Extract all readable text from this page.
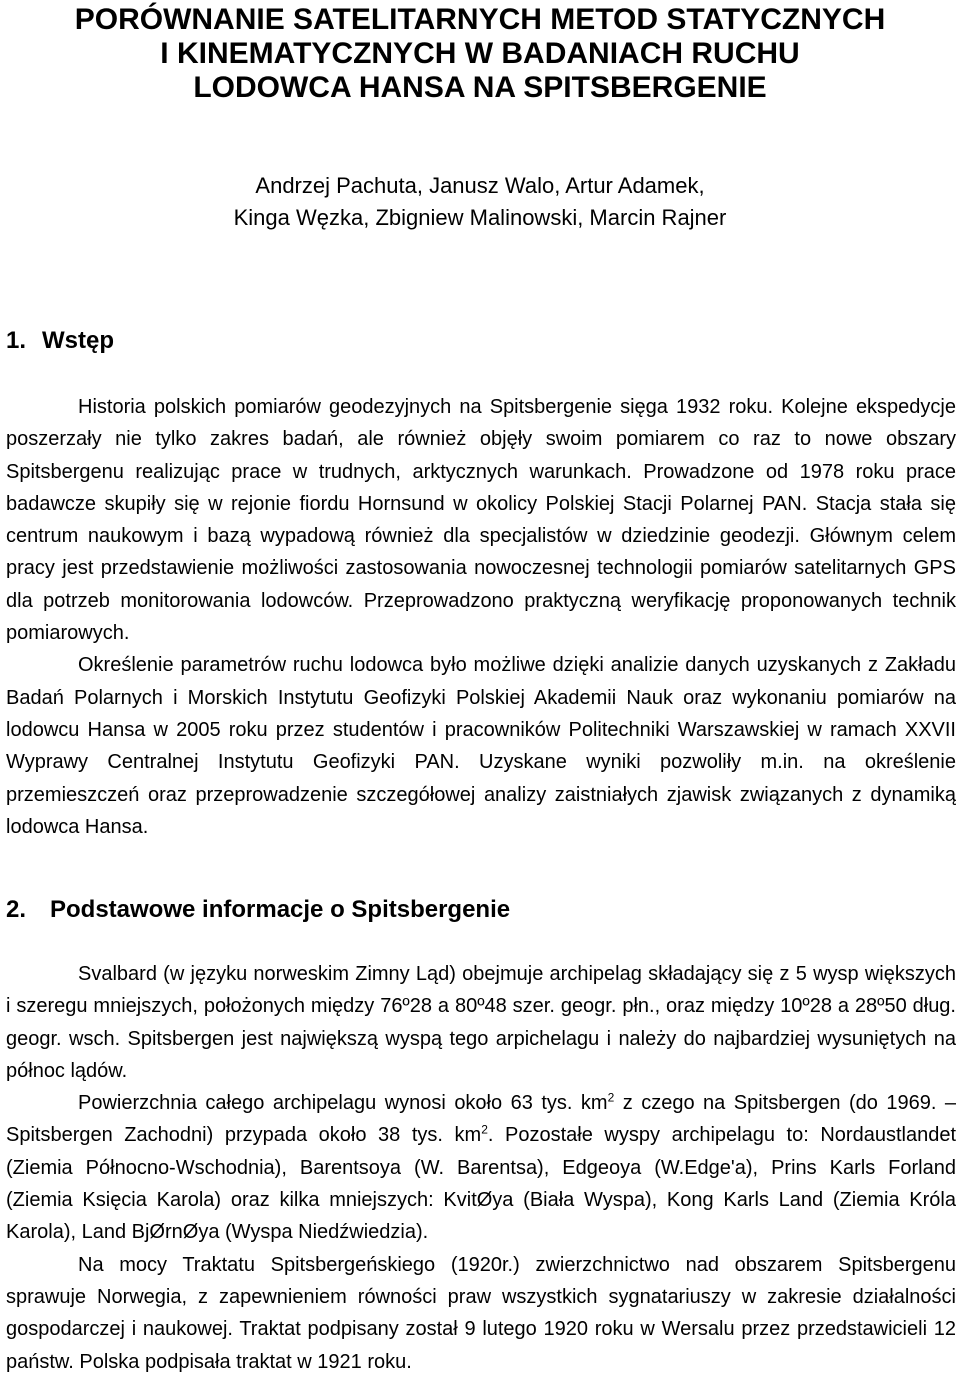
PORÓWNANIE SATELITARNYCH METOD STATYCZNYCH
I KINEMATYCZNYCH W BADANIACH RUCHU
LODOWCA HANSA NA SPITSBERGENIE
Andrzej Pachuta, Janusz Walo, Artur Adamek,
Kinga Węzka, Zbigniew Malinowski, Marcin Rajner
1. Wstęp

Historia polskich pomiarów geodezyjnych na Spitsbergenie sięga 1932 roku. Kolejne ekspedycje poszerzały nie tylko zakres badań, ale również objęły swoim pomiarem co raz to nowe obszary Spitsbergenu realizując prace w trudnych, arktycznych warunkach. Prowadzone od 1978 roku prace badawcze skupiły się w rejonie fiordu Hornsund w okolicy Polskiej Stacji Polarnej PAN. Stacja stała się centrum naukowym i bazą wypadową również dla specjalistów w dziedzinie geodezji. Głównym celem pracy jest przedstawienie możliwości zastosowania nowoczesnej technologii pomiarów satelitarnych GPS dla potrzeb monitorowania lodowców. Przeprowadzono praktyczną weryfikację proponowanych technik pomiarowych.

Określenie parametrów ruchu lodowca było możliwe dzięki analizie danych uzyskanych z Zakładu Badań Polarnych i Morskich Instytutu Geofizyki Polskiej Akademii Nauk oraz wykonaniu pomiarów na lodowcu Hansa w 2005 roku przez studentów i pracowników Politechniki Warszawskiej w ramach XXVII Wyprawy Centralnej Instytutu Geofizyki PAN. Uzyskane wyniki pozwoliły m.in. na określenie przemieszczeń oraz przeprowadzenie szczegółowej analizy zaistniałych zjawisk związanych z dynamiką lodowca Hansa.

2. Podstawowe informacje o Spitsbergenie

Svalbard (w języku norweskim Zimny Ląd) obejmuje archipelag składający się z 5 wysp większych i szeregu mniejszych, położonych między 76º28 a 80º48 szer. geogr. płn., oraz między 10º28 a 28º50 dług. geogr. wsch. Spitsbergen jest największą wyspą tego arpichelagu i należy do najbardziej wysuniętych na północ lądów.

Powierzchnia całego archipelagu wynosi około 63 tys. $km^2$ z czego na Spitsbergen (do 1969. – Spitsbergen Zachodni) przypada około 38 tys. $km^2$. Pozostałe wyspy archipelagu to: Nordaustlandet (Ziemia Północno-Wschodnia), Barentsoya (W. Barentsa), Edgeoya (W.Edge'a), Prins Karls Forland (Ziemia Księcia Karola) oraz kilka mniejszych: KvitØya (Biała Wyspa), Kong Karls Land (Ziemia Króla Karola), Land BjØrnØya (Wyspa Niedźwiedzia).

Na mocy Traktatu Spitsbergeńskiego (1920r.) zwierzchnictwo nad obszarem Spitsbergenu sprawuje Norwegia, z zapewnieniem równości praw wszystkich sygnatariuszy w zakresie działalności gospodarczej i naukowej. Traktat podpisany został 9 lutego 1920 roku w Wersalu przez przedstawicieli 12 państw. Polska podpisała traktat w 1921 roku.
